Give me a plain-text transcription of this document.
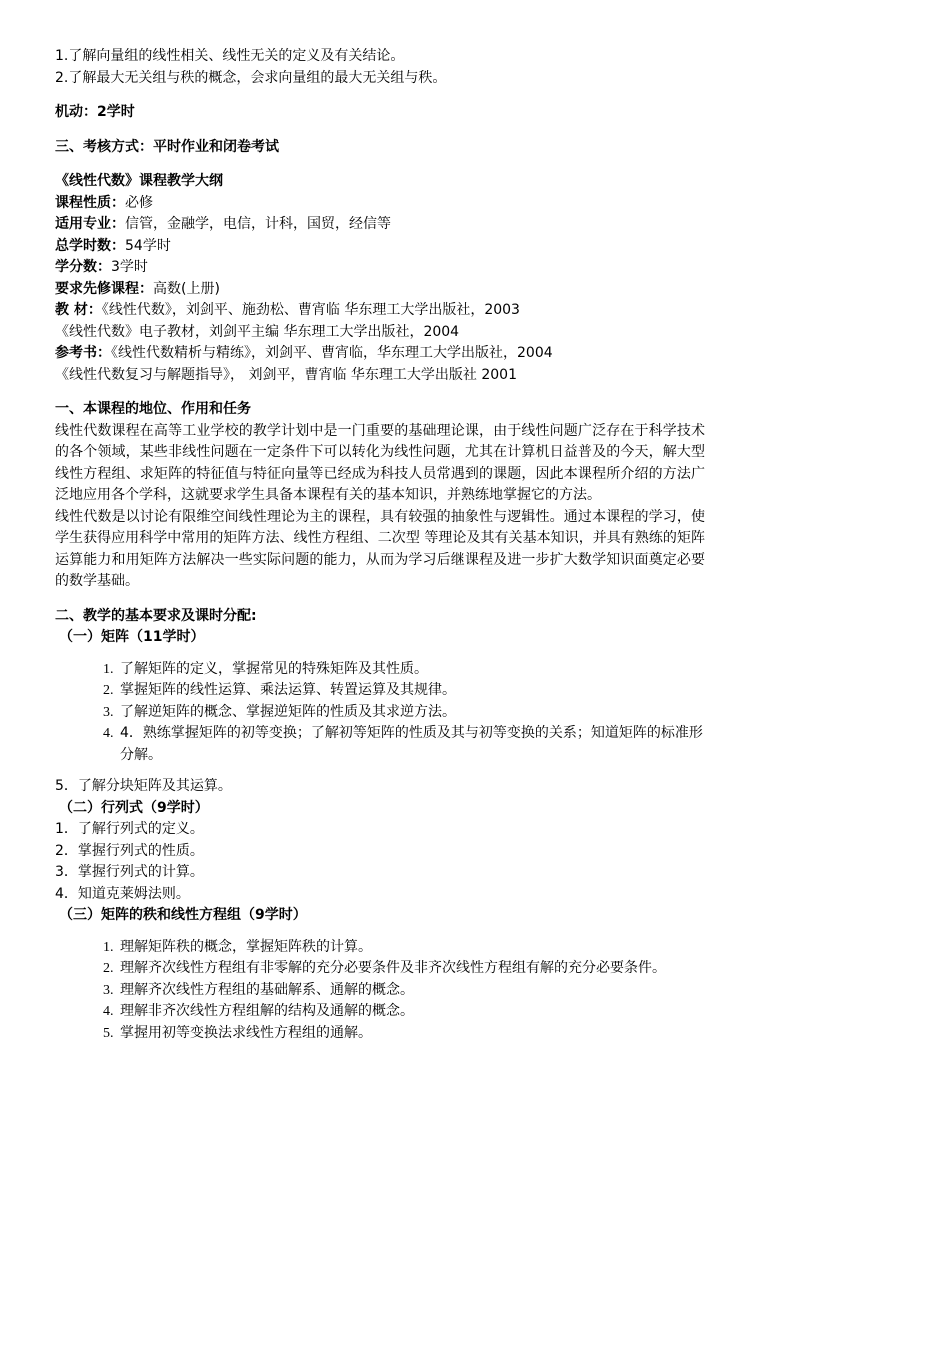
1.了解向量组的线性相关、线性无关的定义及有关结论。

2.了解最大无关组与秩的概念，会求向量组的最大无关组与秩。

机动：2学时

三、考核方式：平时作业和闭卷考试

《线性代数》课程教学大纲

课程性质：必修

适用专业：信管，金融学，电信，计科，国贸，经信等

总学时数：54学时

学分数：3学时

要求先修课程：高数(上册)

教 材：《线性代数》，刘剑平、施劲松、曹宵临 华东理工大学出版社，2003

《线性代数》电子教材，刘剑平主编 华东理工大学出版社，2004

参考书：《线性代数精析与精练》，刘剑平、曹宵临，华东理工大学出版社，2004

《线性代数复习与解题指导》， 刘剑平，曹宵临 华东理工大学出版社 2001

一、本课程的地位、作用和任务

线性代数课程在高等工业学校的教学计划中是一门重要的基础理论课，由于线性问题广泛存在于科学技术的各个领域，某些非线性问题在一定条件下可以转化为线性问题，尤其在计算机日益普及的今天，解大型线性方程组、求矩阵的特征值与特征向量等已经成为科技人员常遇到的课题，因此本课程所介绍的方法广泛地应用各个学科，这就要求学生具备本课程有关的基本知识，并熟练地掌握它的方法。

线性代数是以讨论有限维空间线性理论为主的课程，具有较强的抽象性与逻辑性。通过本课程的学习，使学生获得应用科学中常用的矩阵方法、线性方程组、二次型 等理论及其有关基本知识，并具有熟练的矩阵运算能力和用矩阵方法解决一些实际问题的能力，从而为学习后继课程及进一步扩大数学知识面奠定必要的数学基础。

二、教学的基本要求及课时分配:

（一）矩阵（11学时）

1. 了解矩阵的定义，掌握常见的特殊矩阵及其性质。
2. 掌握矩阵的线性运算、乘法运算、转置运算及其规律。
3. 了解逆矩阵的概念、掌握逆矩阵的性质及其求逆方法。
4. 4．熟练掌握矩阵的初等变换；了解初等矩阵的性质及其与初等变换的关系；知道矩阵的标准形分解。

5．了解分块矩阵及其运算。

（二）行列式（9学时）

1．了解行列式的定义。

2．掌握行列式的性质。

3．掌握行列式的计算。

4．知道克莱姆法则。

（三）矩阵的秩和线性方程组（9学时）

1. 理解矩阵秩的概念，掌握矩阵秩的计算。
2. 理解齐次线性方程组有非零解的充分必要条件及非齐次线性方程组有解的充分必要条件。
3. 理解齐次线性方程组的基础解系、通解的概念。
4. 理解非齐次线性方程组解的结构及通解的概念。
5. 掌握用初等变换法求线性方程组的通解。
